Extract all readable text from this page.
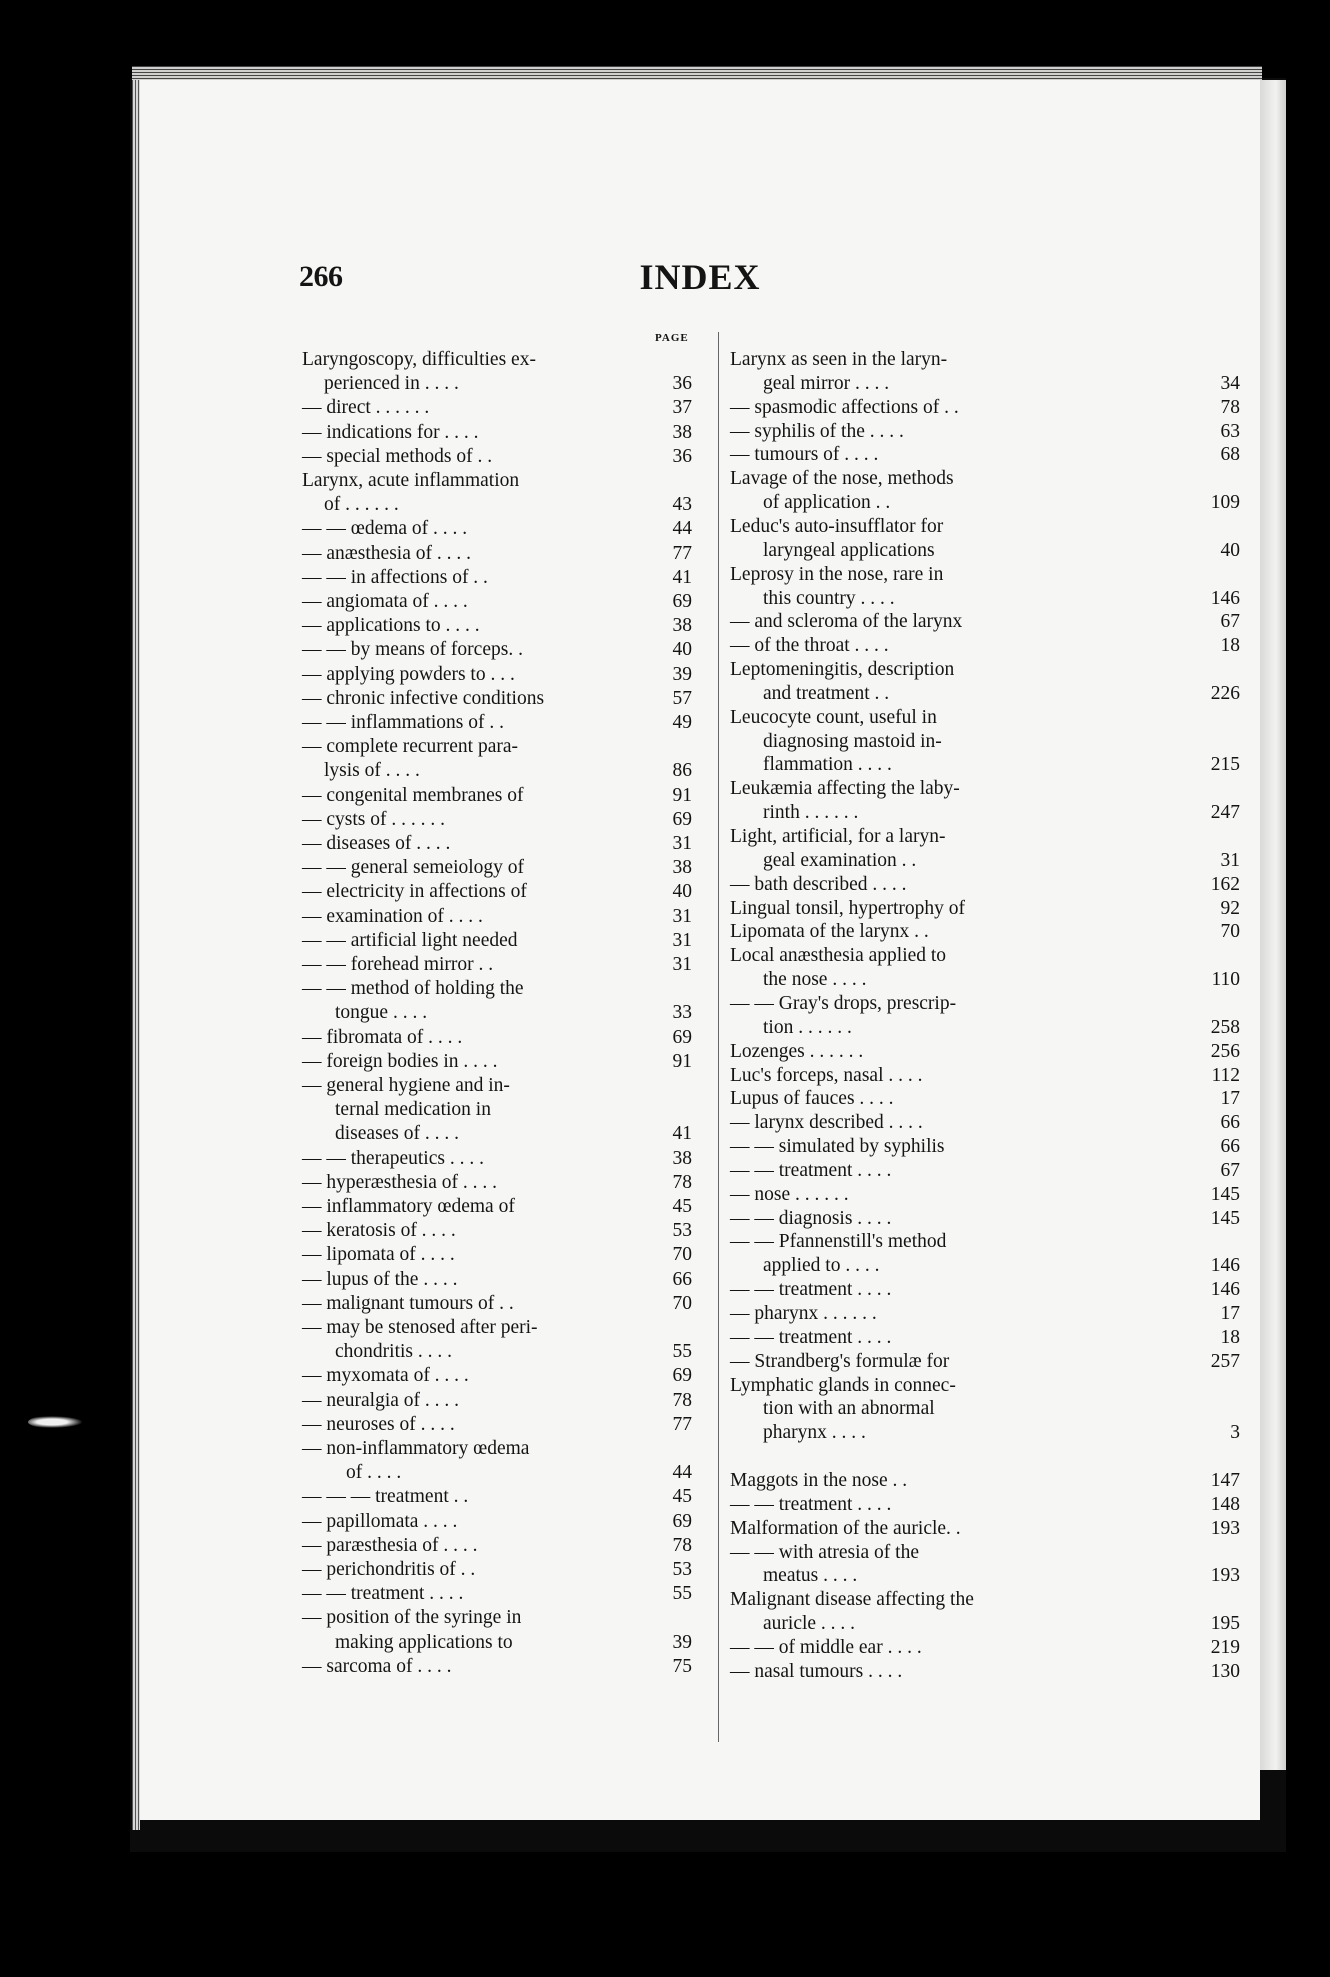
266	INDEX
PAGE
Laryngoscopy, difficulties ex-
perienced in . . . .	36
— direct . . . . . .	37
— indications for . . . .	38
— special methods of . .	36
Larynx, acute inflammation
of . . . . . .	43
— — œdema of . . . .	44
— anæsthesia of . . . .	77
— — in affections of . .	41
— angiomata of . . . .	69
— applications to . . . .	38
— — by means of forceps. .	40
— applying powders to . . .	39
— chronic infective conditions	57
— — inflammations of . .	49
— complete recurrent para-
lysis of . . . .	86
— congenital membranes of	91
— cysts of . . . . . .	69
— diseases of . . . .	31
— — general semeiology of	38
— electricity in affections of	40
— examination of . . . .	31
— — artificial light needed	31
— — forehead mirror . .	31
— — method of holding the
tongue . . . .	33
— fibromata of . . . .	69
— foreign bodies in . . . .	91
— general hygiene and in-
ternal medication in
diseases of . . . .	41
— — therapeutics . . . .	38
— hyperæsthesia of . . . .	78
— inflammatory œdema of	45
— keratosis of . . . .	53
— lipomata of . . . .	70
— lupus of the . . . .	66
— malignant tumours of . .	70
— may be stenosed after peri-
chondritis . . . .	55
— myxomata of . . . .	69
— neuralgia of . . . .	78
— neuroses of . . . .	77
— non-inflammatory œdema
of . . . .	44
— — — treatment . .	45
— papillomata . . . .	69
— paræsthesia of . . . .	78
— perichondritis of . .	53
— — treatment . . . .	55
— position of the syringe in
making applications to	39
— sarcoma of . . . .	75
Larynx as seen in the laryn-
geal mirror . . . .	34
— spasmodic affections of . .	78
— syphilis of the . . . .	63
— tumours of . . . .	68
Lavage of the nose, methods
of application . .	109
Leduc's auto-insufflator for
laryngeal applications	40
Leprosy in the nose, rare in
this country . . . .	146
— and scleroma of the larynx	67
— of the throat . . . .	18
Leptomeningitis, description
and treatment . .	226
Leucocyte count, useful in
diagnosing mastoid in-
flammation . . . .	215
Leukæmia affecting the laby-
rinth . . . . . .	247
Light, artificial, for a laryn-
geal examination . .	31
— bath described . . . .	162
Lingual tonsil, hypertrophy of	92
Lipomata of the larynx . .	70
Local anæsthesia applied to
the nose . . . .	110
— — Gray's drops, prescrip-
tion . . . . . .	258
Lozenges . . . . . .	256
Luc's forceps, nasal . . . .	112
Lupus of fauces . . . .	17
— larynx described . . . .	66
— — simulated by syphilis	66
— — treatment . . . .	67
— nose . . . . . .	145
— — diagnosis . . . .	145
— — Pfannenstill's method
applied to . . . .	146
— — treatment . . . .	146
— pharynx . . . . . .	17
— — treatment . . . .	18
— Strandberg's formulæ for	257
Lymphatic glands in connec-
tion with an abnormal
pharynx . . . .	3
Maggots in the nose . .	147
— — treatment . . . .	148
Malformation of the auricle. .	193
— — with atresia of the
meatus . . . .	193
Malignant disease affecting the
auricle . . . .	195
— — of middle ear . . . .	219
— nasal tumours . . . .	130
